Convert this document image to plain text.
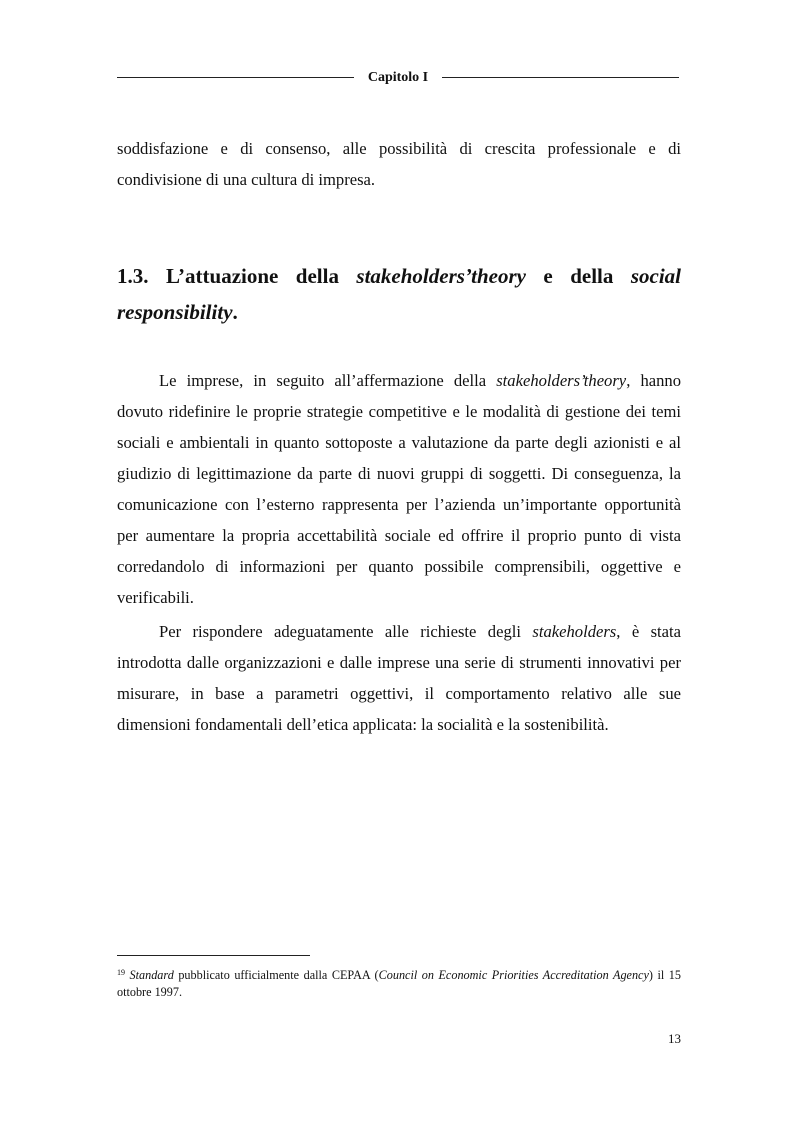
Capitolo I

soddisfazione e di consenso, alle possibilità di crescita professionale e di condivisione di una cultura di impresa.

1.3. L’attuazione della stakeholders’theory e della social responsibility.

Le imprese, in seguito all’affermazione della stakeholders’theory, hanno dovuto ridefinire le proprie strategie competitive e le modalità di gestione dei temi sociali e ambientali in quanto sottoposte a valutazione da parte degli azionisti e al giudizio di legittimazione da parte di nuovi gruppi di soggetti. Di conseguenza, la comunicazione con l’esterno rappresenta per l’azienda un’importante opportunità per aumentare la propria accettabilità sociale ed offrire il proprio punto di vista corredandolo di informazioni per quanto possibile comprensibili, oggettive e verificabili.

Per rispondere adeguatamente alle richieste degli stakeholders, è stata introdotta dalle organizzazioni e dalle imprese una serie di strumenti innovativi per misurare, in base a parametri oggettivi, il comportamento relativo alle sue dimensioni fondamentali dell’etica applicata: la socialità e la sostenibilità.

$^{19}$ Standard pubblicato ufficialmente dalla CEPAA (Council on Economic Priorities Accreditation Agency) il 15 ottobre 1997.

13
